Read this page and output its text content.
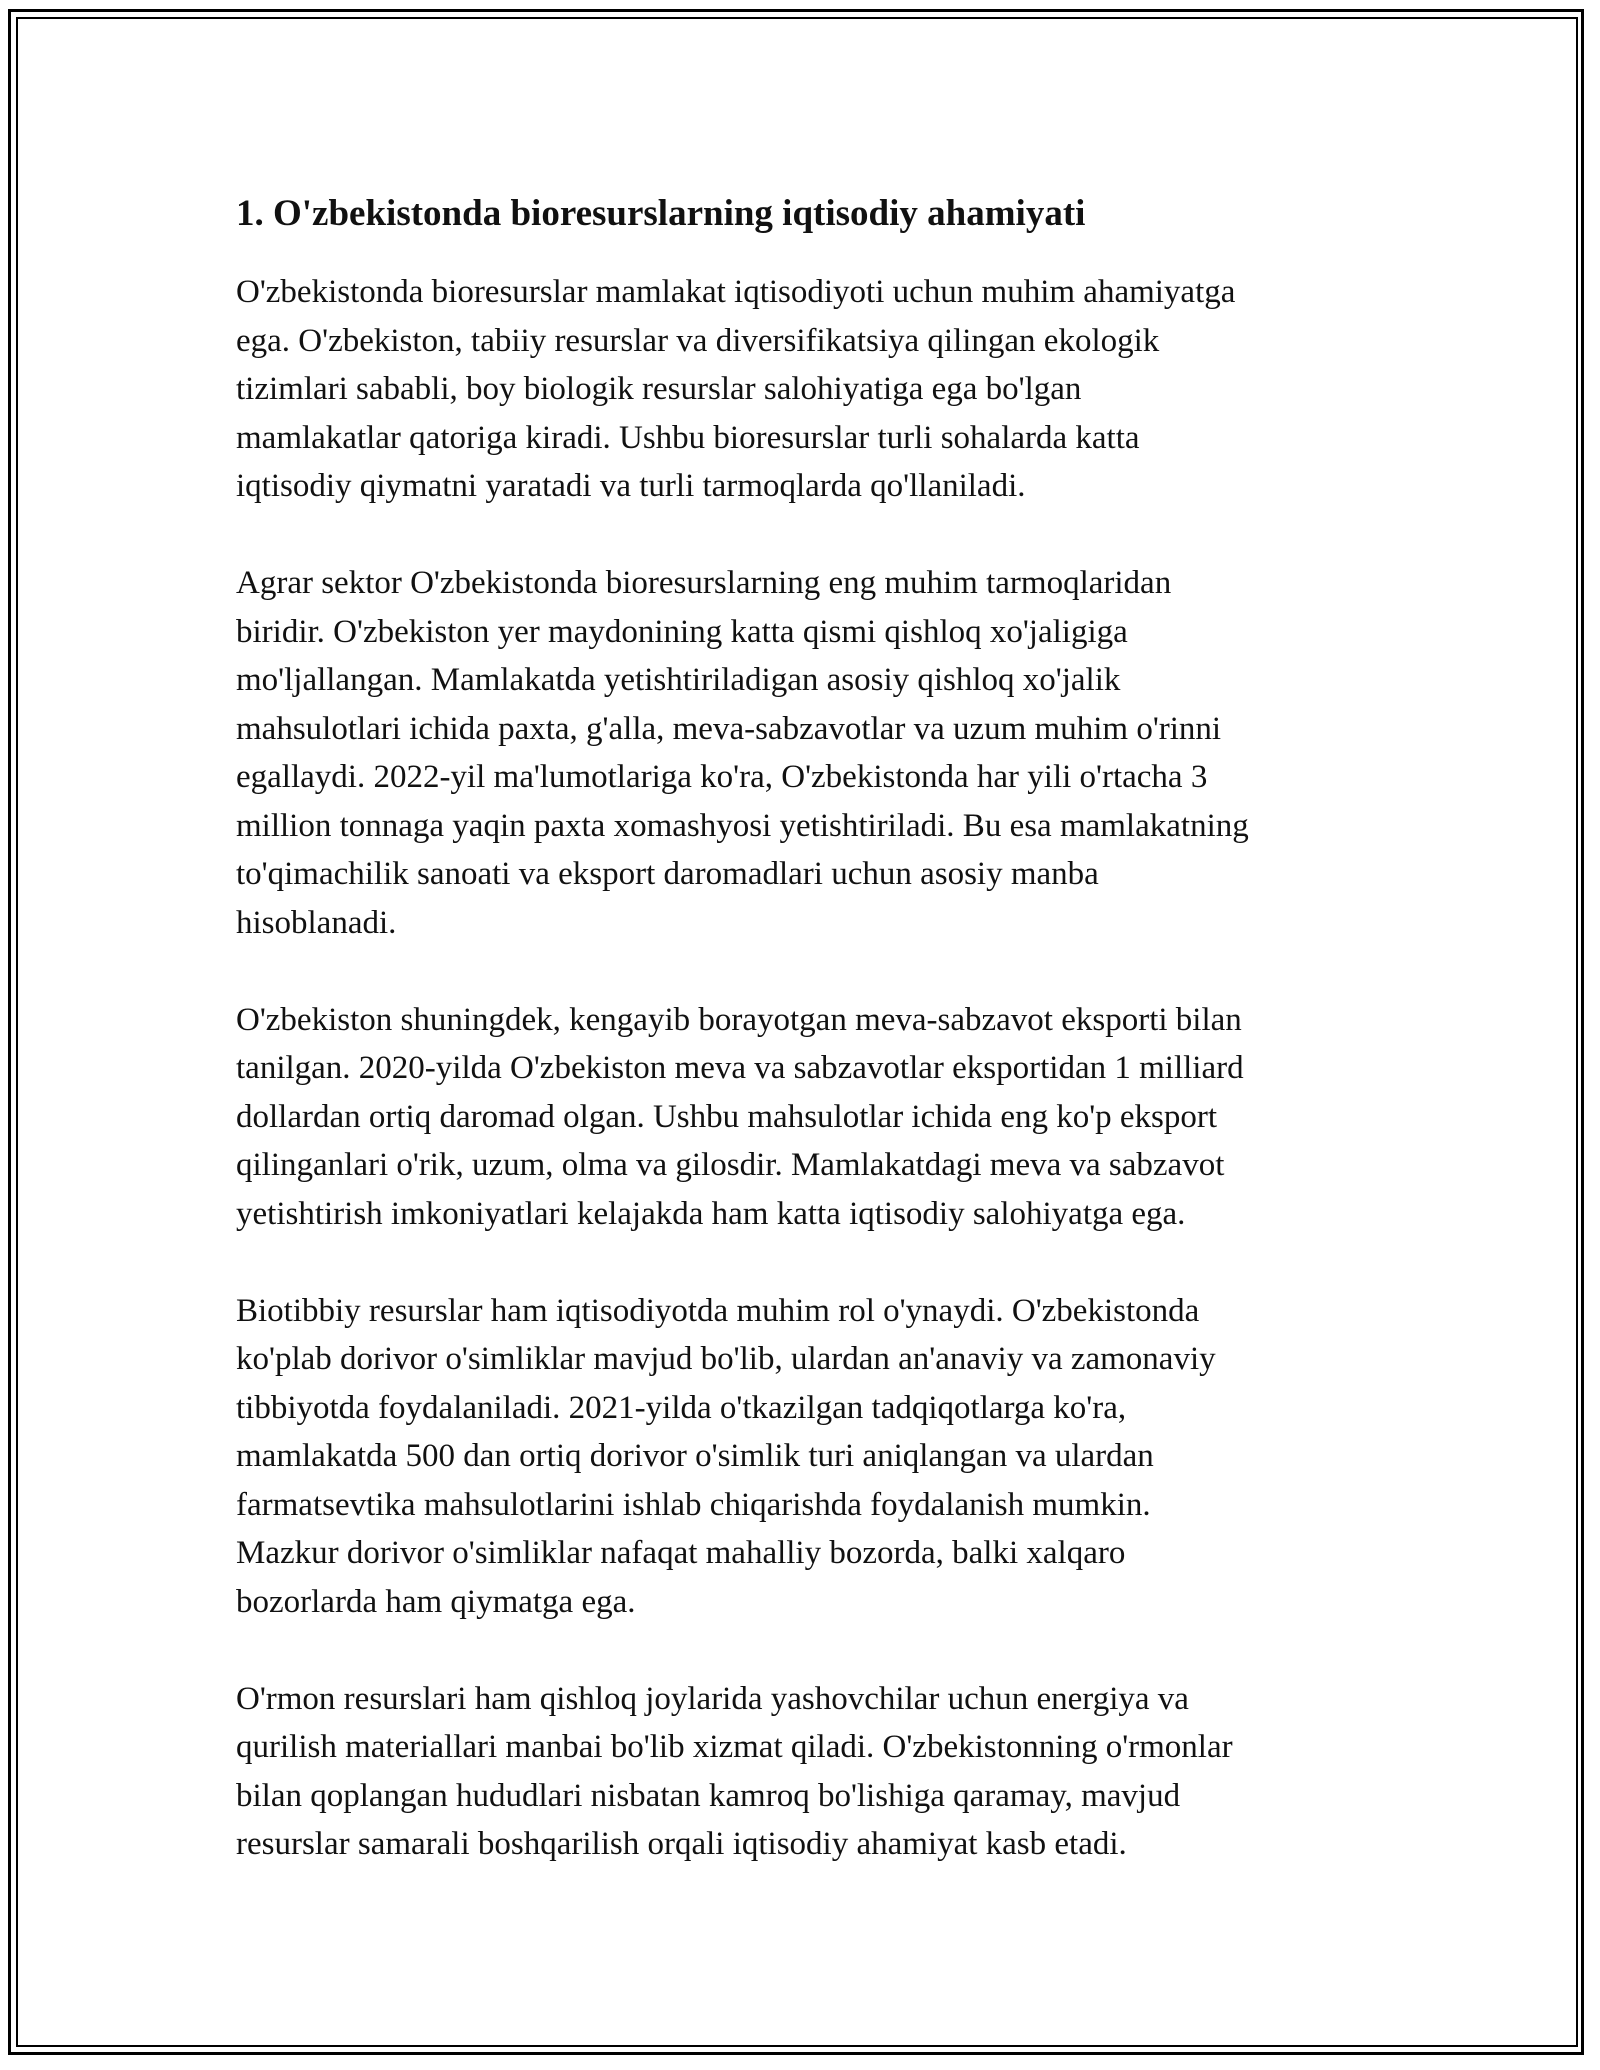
1. O'zbekistonda bioresurslarning iqtisodiy ahamiyati

O'zbekistonda bioresurslar mamlakat iqtisodiyoti uchun muhim ahamiyatga
ega. O'zbekiston, tabiiy resurslar va diversifikatsiya qilingan ekologik
tizimlari sababli, boy biologik resurslar salohiyatiga ega bo'lgan
mamlakatlar qatoriga kiradi. Ushbu bioresurslar turli sohalarda katta
iqtisodiy qiymatni yaratadi va turli tarmoqlarda qo'llaniladi.

Agrar sektor O'zbekistonda bioresurslarning eng muhim tarmoqlaridan
biridir. O'zbekiston yer maydonining katta qismi qishloq xo'jaligiga
mo'ljallangan. Mamlakatda yetishtiriladigan asosiy qishloq xo'jalik
mahsulotlari ichida paxta, g'alla, meva-sabzavotlar va uzum muhim o'rinni
egallaydi. 2022-yil ma'lumotlariga ko'ra, O'zbekistonda har yili o'rtacha 3
million tonnaga yaqin paxta xomashyosi yetishtiriladi. Bu esa mamlakatning
to'qimachilik sanoati va eksport daromadlari uchun asosiy manba
hisoblanadi.

O'zbekiston shuningdek, kengayib borayotgan meva-sabzavot eksporti bilan
tanilgan. 2020-yilda O'zbekiston meva va sabzavotlar eksportidan 1 milliard
dollardan ortiq daromad olgan. Ushbu mahsulotlar ichida eng ko'p eksport
qilinganlari o'rik, uzum, olma va gilosdir. Mamlakatdagi meva va sabzavot
yetishtirish imkoniyatlari kelajakda ham katta iqtisodiy salohiyatga ega.

Biotibbiy resurslar ham iqtisodiyotda muhim rol o'ynaydi. O'zbekistonda
ko'plab dorivor o'simliklar mavjud bo'lib, ulardan an'anaviy va zamonaviy
tibbiyotda foydalaniladi. 2021-yilda o'tkazilgan tadqiqotlarga ko'ra,
mamlakatda 500 dan ortiq dorivor o'simlik turi aniqlangan va ulardan
farmatsevtika mahsulotlarini ishlab chiqarishda foydalanish mumkin.
Mazkur dorivor o'simliklar nafaqat mahalliy bozorda, balki xalqaro
bozorlarda ham qiymatga ega.

O'rmon resurslari ham qishloq joylarida yashovchilar uchun energiya va
qurilish materiallari manbai bo'lib xizmat qiladi. O'zbekistonning o'rmonlar
bilan qoplangan hududlari nisbatan kamroq bo'lishiga qaramay, mavjud
resurslar samarali boshqarilish orqali iqtisodiy ahamiyat kasb etadi.
